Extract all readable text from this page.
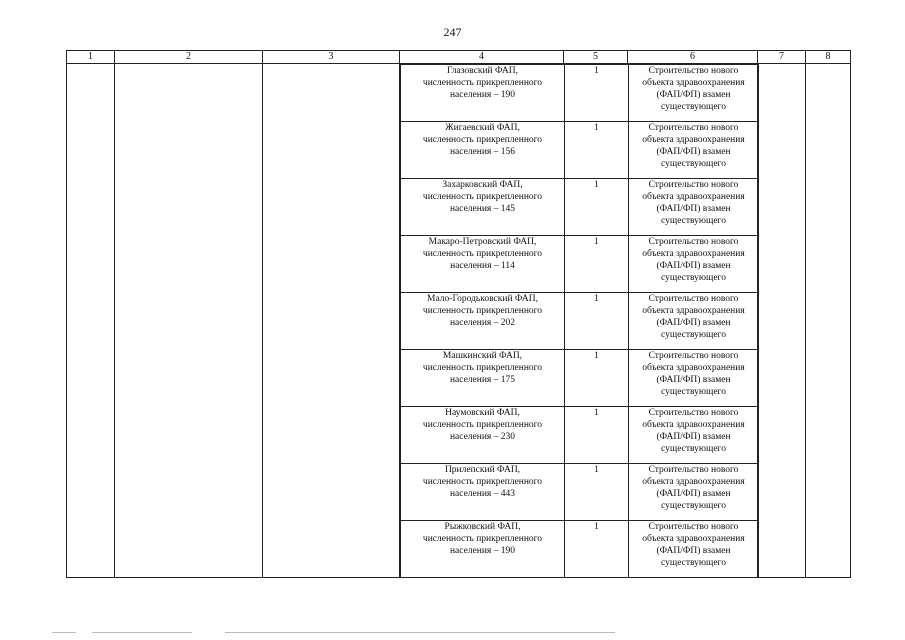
247
1	2	3	4	5	6	7	8

Глазовский ФАП,
численность прикрепленного
населения – 190
	1	Строительство нового
объекта здравоохранения
(ФАП/ФП) взамен
существующего

Жигаевский ФАП,
численность прикрепленного
населения – 156
	1	Строительство нового
объекта здравоохранения
(ФАП/ФП) взамен
существующего

Захарковский ФАП,
численность прикрепленного
населения – 145
	1	Строительство нового
объекта здравоохранения
(ФАП/ФП) взамен
существующего

Макаро-Петровский ФАП,
численность прикрепленного
населения – 114
	1	Строительство нового
объекта здравоохранения
(ФАП/ФП) взамен
существующего

Мало-Городьковский ФАП,
численность прикрепленного
населения – 202
	1	Строительство нового
объекта здравоохранения
(ФАП/ФП) взамен
существующего

Машкинский ФАП,
численность прикрепленного
населения – 175
	1	Строительство нового
объекта здравоохранения
(ФАП/ФП) взамен
существующего

Наумовский ФАП,
численность прикрепленного
населения – 230
	1	Строительство нового
объекта здравоохранения
(ФАП/ФП) взамен
существующего

Прилепский ФАП,
численность прикрепленного
населения – 443
	1	Строительство нового
объекта здравоохранения
(ФАП/ФП) взамен
существующего

Рыжковский ФАП,
численность прикрепленного
населения – 190
	1	Строительство нового
объекта здравоохранения
(ФАП/ФП) взамен
существующего
